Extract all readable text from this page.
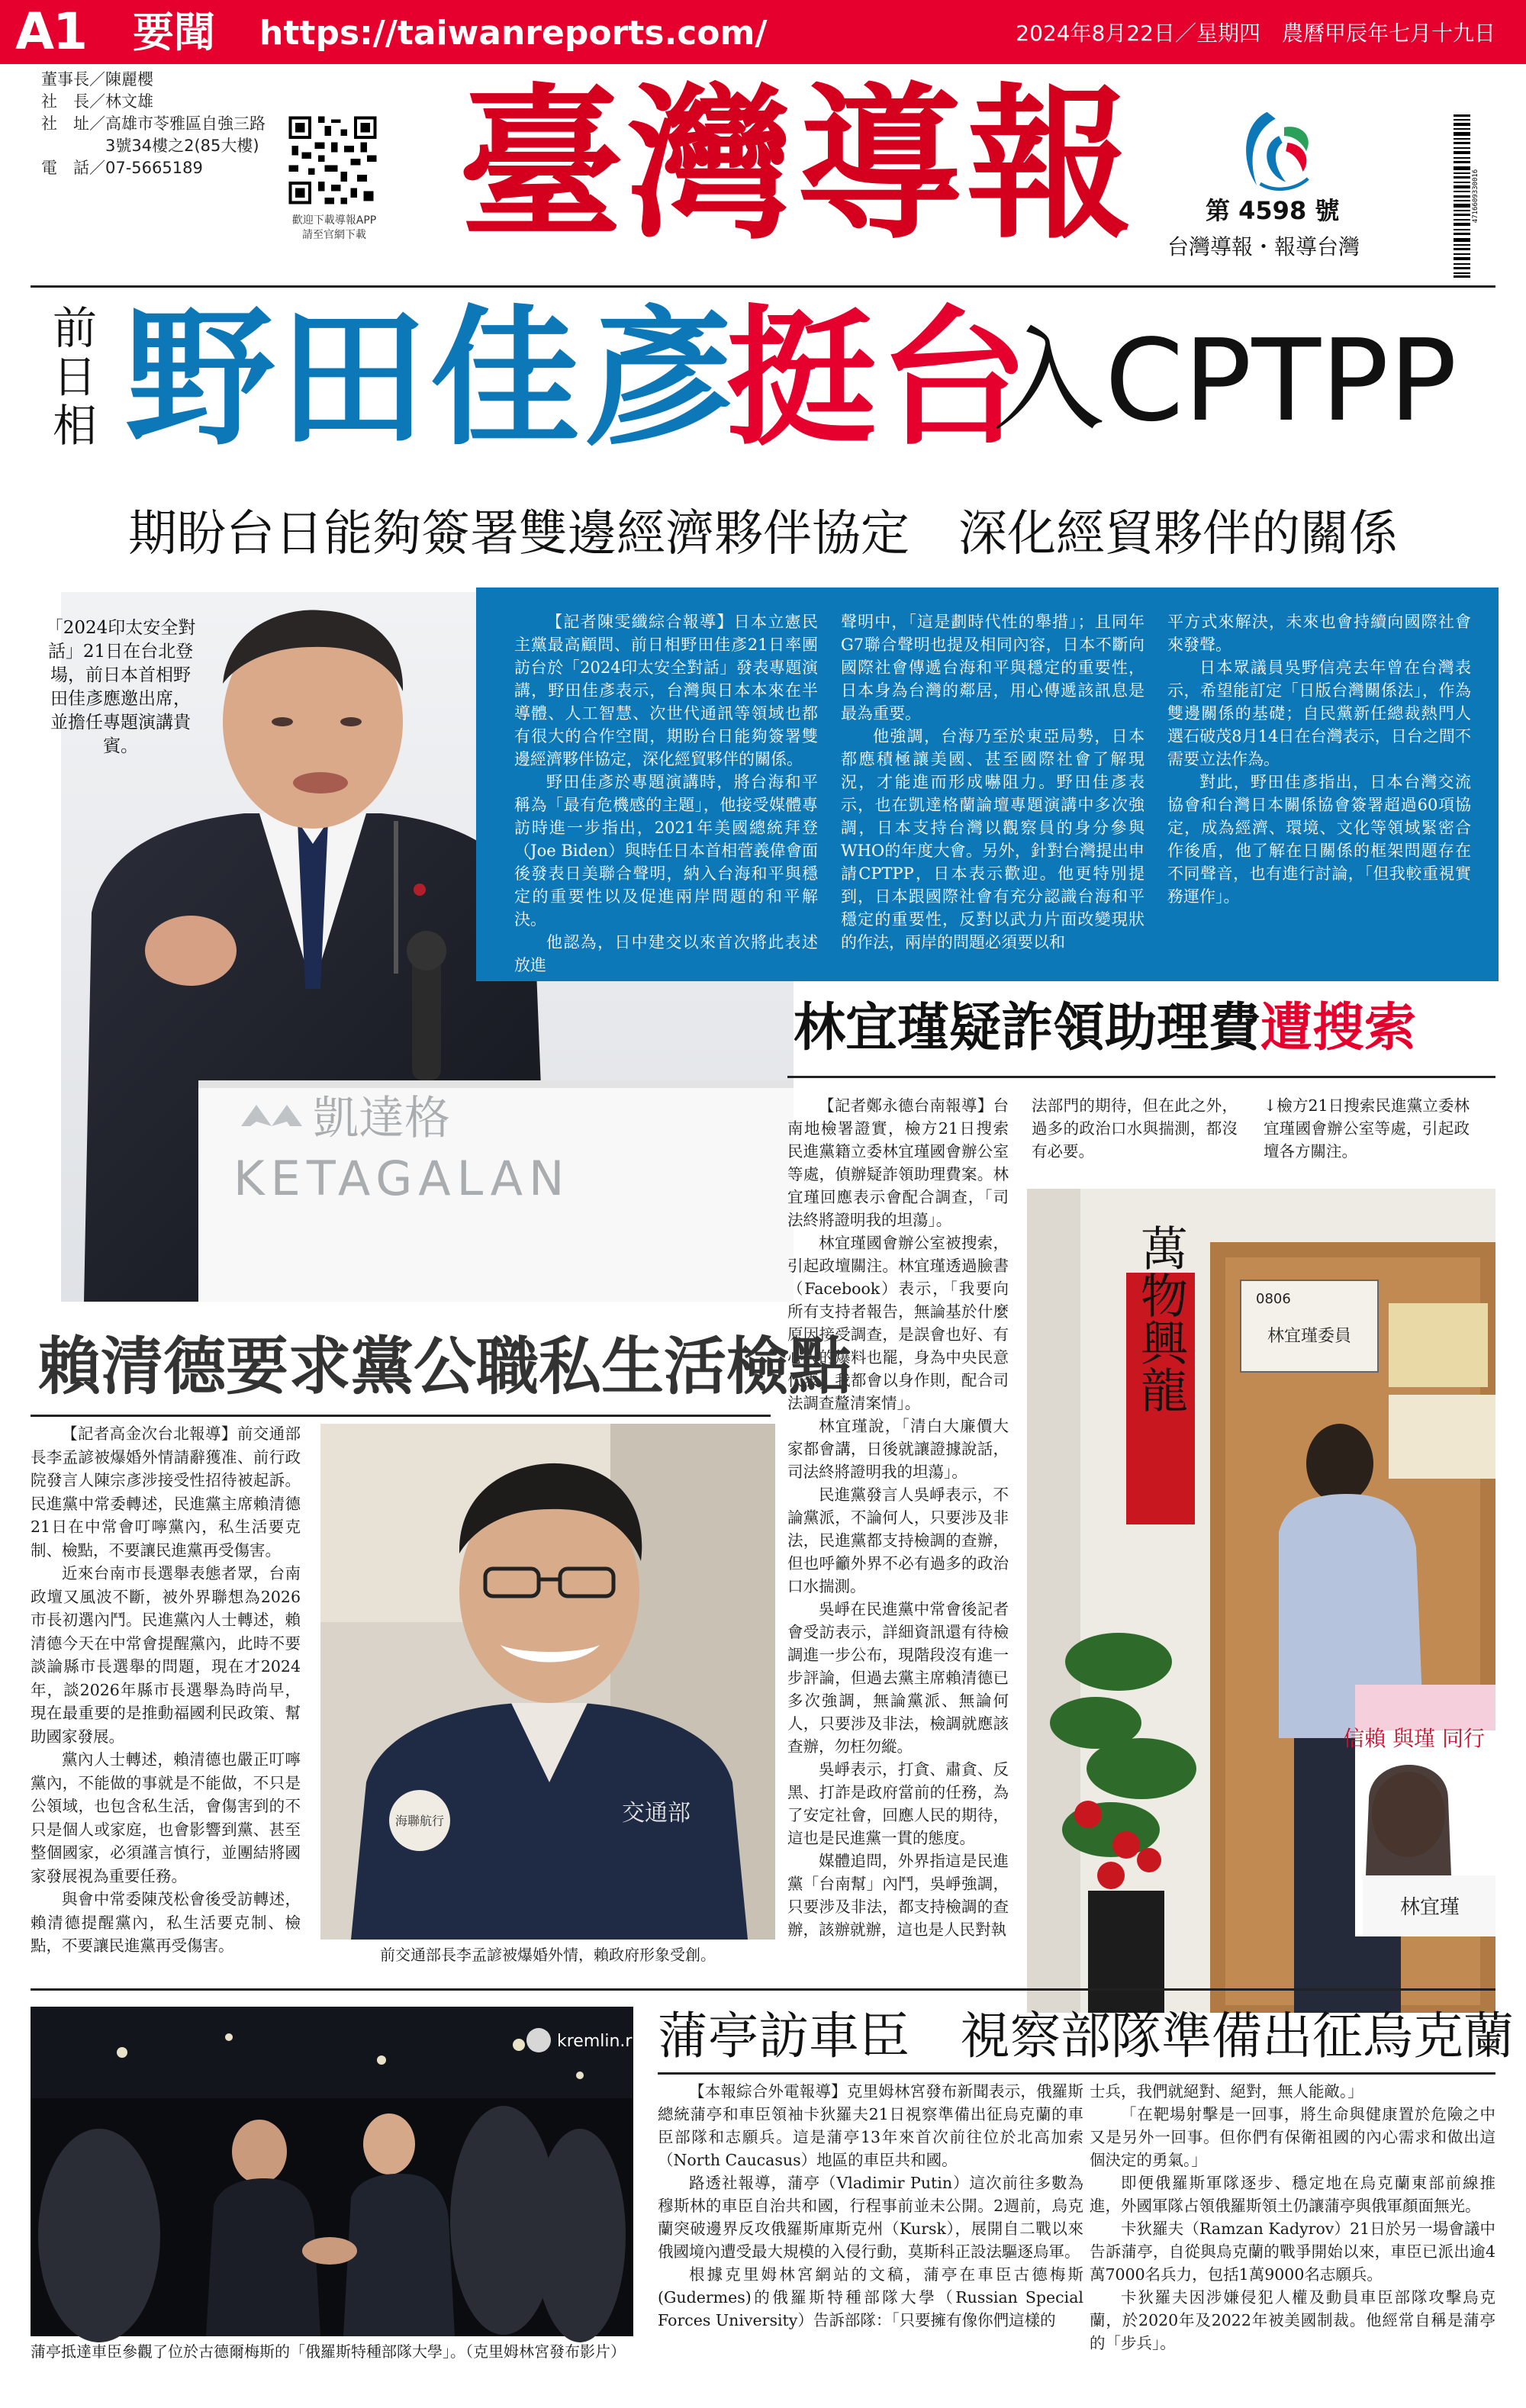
A1 要聞 https://taiwanreports.com/	2024年8月22日／星期四　農曆甲辰年七月十九日
董事長／陳麗櫻
社　長／林文雄
社　址／高雄市苓雅區自強三路
　　　　3號34樓之2(85大樓)
電　話／07-5665189
歡迎下載導報APP
請至官網下載 臺灣導報	第 4598 號
台灣導報・報導台灣
4716609330016
前日相 野田佳彥
挺台
入CPTPP
期盼台日能夠簽署雙邊經濟夥伴協定　深化經貿夥伴的關係
凱達格
KETAGALAN
「2024印太安全對話」21日在台北登場，前日本首相野田佳彥應邀出席，並擔任專題演講貴賓。

【記者陳雯纖綜合報導】日本立憲民主黨最高顧問、前日相野田佳彥21日率團訪台於「2024印太安全對話」發表專題演講，野田佳彥表示，台灣與日本本來在半導體、人工智慧、次世代通訊等領域也都有很大的合作空間，期盼台日能夠簽署雙邊經濟夥伴協定，深化經貿夥伴的關係。

野田佳彥於專題演講時，將台海和平稱為「最有危機感的主題」，他接受媒體專訪時進一步指出，2021年美國總統拜登（Joe Biden）與時任日本首相菅義偉會面後發表日美聯合聲明，納入台海和平與穩定的重要性以及促進兩岸問題的和平解決。

他認為，日中建交以來首次將此表述放進

聲明中，「這是劃時代性的舉措」；且同年G7聯合聲明也提及相同內容，日本不斷向國際社會傳遞台海和平與穩定的重要性，日本身為台灣的鄰居，用心傳遞該訊息是最為重要。

他強調，台海乃至於東亞局勢，日本都應積極讓美國、甚至國際社會了解現況，才能進而形成嚇阻力。野田佳彥表示，也在凱達格蘭論壇專題演講中多次強調，日本支持台灣以觀察員的身分參與WHO的年度大會。另外，針對台灣提出申請CPTPP，日本表示歡迎。他更特別提到，日本跟國際社會有充分認識台海和平穩定的重要性，反對以武力片面改變現狀的作法，兩岸的問題必須要以和

平方式來解決，未來也會持續向國際社會來發聲。

日本眾議員吳野信亮去年曾在台灣表示，希望能訂定「日版台灣關係法」，作為雙邊關係的基礎；自民黨新任總裁熱門人選石破茂8月14日在台灣表示，日台之間不需要立法作為。

對此，野田佳彥指出，日本台灣交流協會和台灣日本關係協會簽署超過60項協定，成為經濟、環境、文化等領域緊密合作後盾，他了解在日關係的框架問題存在不同聲音，也有進行討論，「但我較重視實務運作」。

林宜瑾疑詐領助理費遭搜索

【記者鄭永德台南報導】台南地檢署證實，檢方21日搜索民進黨籍立委林宜瑾國會辦公室等處，偵辦疑詐領助理費案。林宜瑾回應表示會配合調查，「司法終將證明我的坦蕩」。

林宜瑾國會辦公室被搜索，引起政壇關注。林宜瑾透過臉書（Facebook）表示，「我要向所有支持者報告，無論基於什麼原因接受調查，是誤會也好、有心人的爆料也罷，身為中央民意代表，我都會以身作則，配合司法調查釐清案情」。

林宜瑾說，「清白大廉價大家都會講，日後就讓證據說話，司法終將證明我的坦蕩」。

民進黨發言人吳崢表示，不論黨派，不論何人，只要涉及非法，民進黨都支持檢調的查辦，但也呼籲外界不必有過多的政治口水揣測。

吳崢在民進黨中常會後記者會受訪表示，詳細資訊還有待檢調進一步公布，現階段沒有進一步評論，但過去黨主席賴清德已多次強調，無論黨派、無論何人，只要涉及非法，檢調就應該查辦，勿枉勿縱。

吳崢表示，打貪、肅貪、反黑、打詐是政府當前的任務，為了安定社會，回應人民的期待，這也是民進黨一貫的態度。

媒體追問，外界指這是民進黨「台南幫」內鬥，吳崢強調，只要涉及非法，都支持檢調的查辦，該辦就辦，這也是人民對執

法部門的期待，但在此之外，過多的政治口水與揣測，都沒有必要。
↓檢方21日搜索民進黨立委林宜瑾國會辦公室等處，引起政壇各方關注。
萬物興龍	0806
林宜瑾委員
信賴 與瑾 同行
林宜瑾
賴清德要求黨公職私生活檢點

【記者高金次台北報導】前交通部長李孟諺被爆婚外情請辭獲准、前行政院發言人陳宗彥涉接受性招待被起訴。民進黨中常委轉述，民進黨主席賴清德21日在中常會叮嚀黨內，私生活要克制、檢點，不要讓民進黨再受傷害。

近來台南市長選舉表態者眾，台南政壇又風波不斷，被外界聯想為2026市長初選內鬥。民進黨內人士轉述，賴清德今天在中常會提醒黨內，此時不要談論縣市長選舉的問題，現在才2024年，談2026年縣市長選舉為時尚早，現在最重要的是推動福國利民政策、幫助國家發展。

黨內人士轉述，賴清德也嚴正叮嚀黨內，不能做的事就是不能做，不只是公領域，也包含私生活，會傷害到的不只是個人或家庭，也會影響到黨、甚至整個國家，必須謹言慎行，並團結將國家發展視為重要任務。

與會中常委陳茂松會後受訪轉述，賴清德提醒黨內，私生活要克制、檢點，不要讓民進黨再受傷害。

海聯航行	交通部
前交通部長李孟諺被爆婚外情，賴政府形象受創。
kremlin.ru 蒲亭訪車臣　視察部隊準備出征烏克蘭

【本報綜合外電報導】克里姆林宮發布新聞表示，俄羅斯總統蒲亭和車臣領袖卡狄羅夫21日視察準備出征烏克蘭的車臣部隊和志願兵。這是蒲亭13年來首次前往位於北高加索（North Caucasus）地區的車臣共和國。

路透社報導，蒲亭（Vladimir Putin）這次前往多數為穆斯林的車臣自治共和國，行程事前並未公開。2週前，烏克蘭突破邊界反攻俄羅斯庫斯克州（Kursk），展開自二戰以來俄國境內遭受最大規模的入侵行動，莫斯科正設法驅逐烏軍。

根據克里姆林宮網站的文稿，蒲亭在車臣古德梅斯(Gudermes)的俄羅斯特種部隊大學（Russian Special Forces University）告訴部隊：「只要擁有像你們這樣的

士兵，我們就絕對、絕對，無人能敵。」

「在靶場射擊是一回事，將生命與健康置於危險之中又是另外一回事。但你們有保衛祖國的內心需求和做出這個決定的勇氣。」

即便俄羅斯軍隊逐步、穩定地在烏克蘭東部前線推進，外國軍隊占領俄羅斯領土仍讓蒲亭與俄軍顏面無光。

卡狄羅夫（Ramzan Kadyrov）21日於另一場會議中告訴蒲亭，自從與烏克蘭的戰爭開始以來，車臣已派出逾4萬7000名兵力，包括1萬9000名志願兵。

卡狄羅夫因涉嫌侵犯人權及動員車臣部隊攻擊烏克蘭，於2020年及2022年被美國制裁。他經常自稱是蒲亭的「步兵」。

蒲亭抵達車臣參觀了位於古德爾梅斯的「俄羅斯特種部隊大學」。（克里姆林宮發布影片）
